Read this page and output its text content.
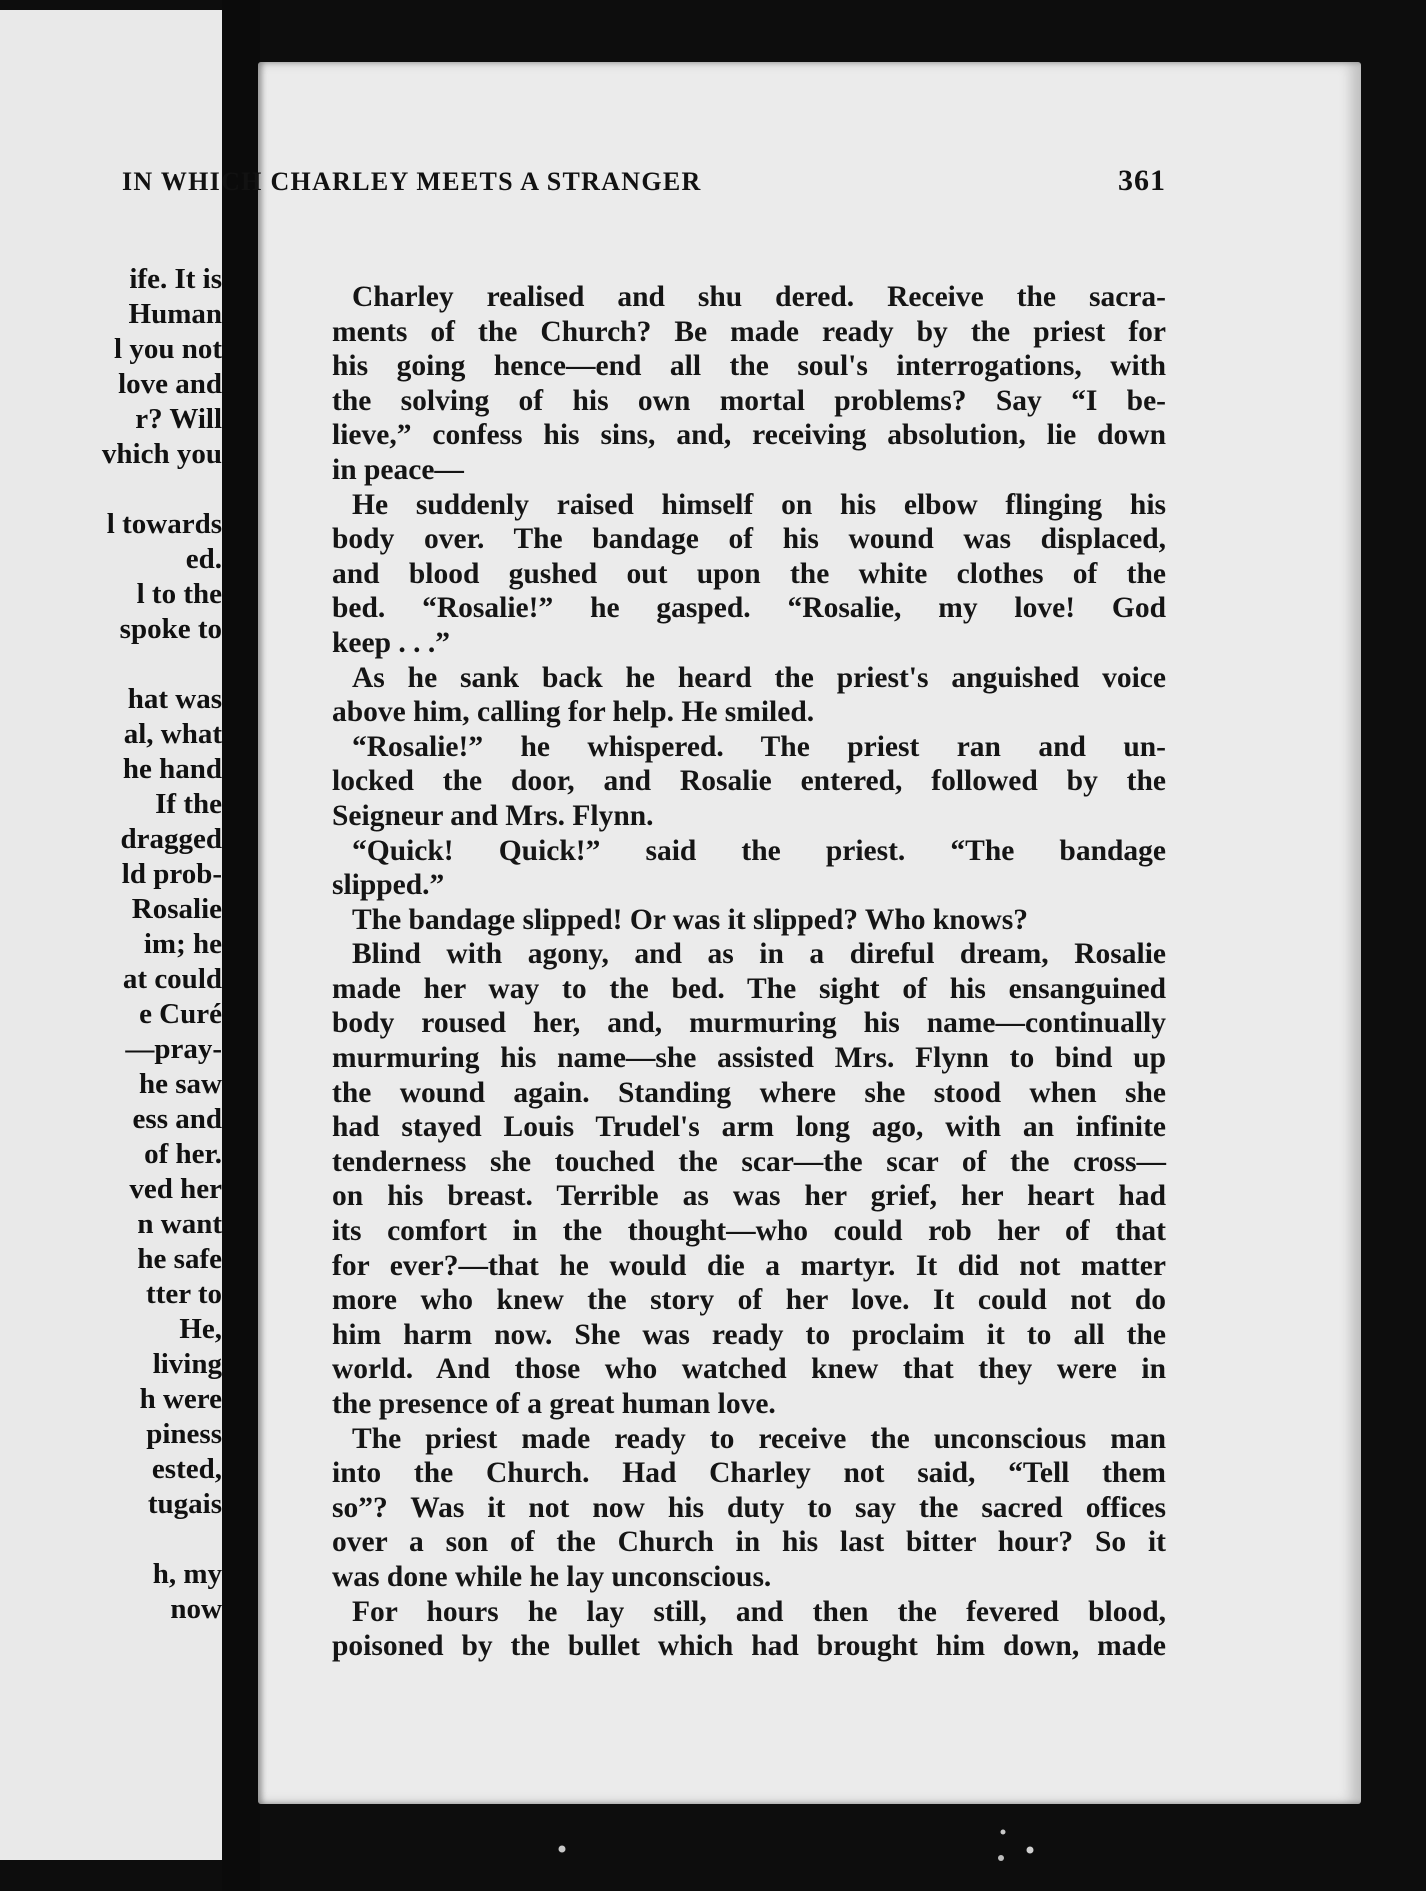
ife. It is
Human
l you not
love and
r? Will
vhich you
l towards
ed.
l to the
spoke to
hat was
al, what
he hand
If the
dragged
ld prob-
Rosalie
im; he
at could
e Curé
—pray-
he saw
ess and
of her.
ved her
n want
he safe
tter to
He,
living
h were
piness
ested,
tugais
h, my
now
IN WHICH CHARLEY MEETS A STRANGER	361
Charley realised and shu dered. Receive the sacra-
ments of the Church? Be made ready by the priest for
his going hence—end all the soul's interrogations, with
the solving of his own mortal problems? Say “I be-
lieve,” confess his sins, and, receiving absolution, lie down
in peace—
He suddenly raised himself on his elbow flinging his
body over. The bandage of his wound was displaced,
and blood gushed out upon the white clothes of the
bed. “Rosalie!” he gasped. “Rosalie, my love! God
keep . . .”
As he sank back he heard the priest's anguished voice
above him, calling for help. He smiled.
“Rosalie!” he whispered. The priest ran and un-
locked the door, and Rosalie entered, followed by the
Seigneur and Mrs. Flynn.
“Quick! Quick!” said the priest. “The bandage
slipped.”
The bandage slipped! Or was it slipped? Who knows?
Blind with agony, and as in a direful dream, Rosalie
made her way to the bed. The sight of his ensanguined
body roused her, and, murmuring his name—continually
murmuring his name—she assisted Mrs. Flynn to bind up
the wound again. Standing where she stood when she
had stayed Louis Trudel's arm long ago, with an infinite
tenderness she touched the scar—the scar of the cross—
on his breast. Terrible as was her grief, her heart had
its comfort in the thought—who could rob her of that
for ever?—that he would die a martyr. It did not matter
more who knew the story of her love. It could not do
him harm now. She was ready to proclaim it to all the
world. And those who watched knew that they were in
the presence of a great human love.
The priest made ready to receive the unconscious man
into the Church. Had Charley not said, “Tell them
so”? Was it not now his duty to say the sacred offices
over a son of the Church in his last bitter hour? So it
was done while he lay unconscious.
For hours he lay still, and then the fevered blood,
poisoned by the bullet which had brought him down, made
